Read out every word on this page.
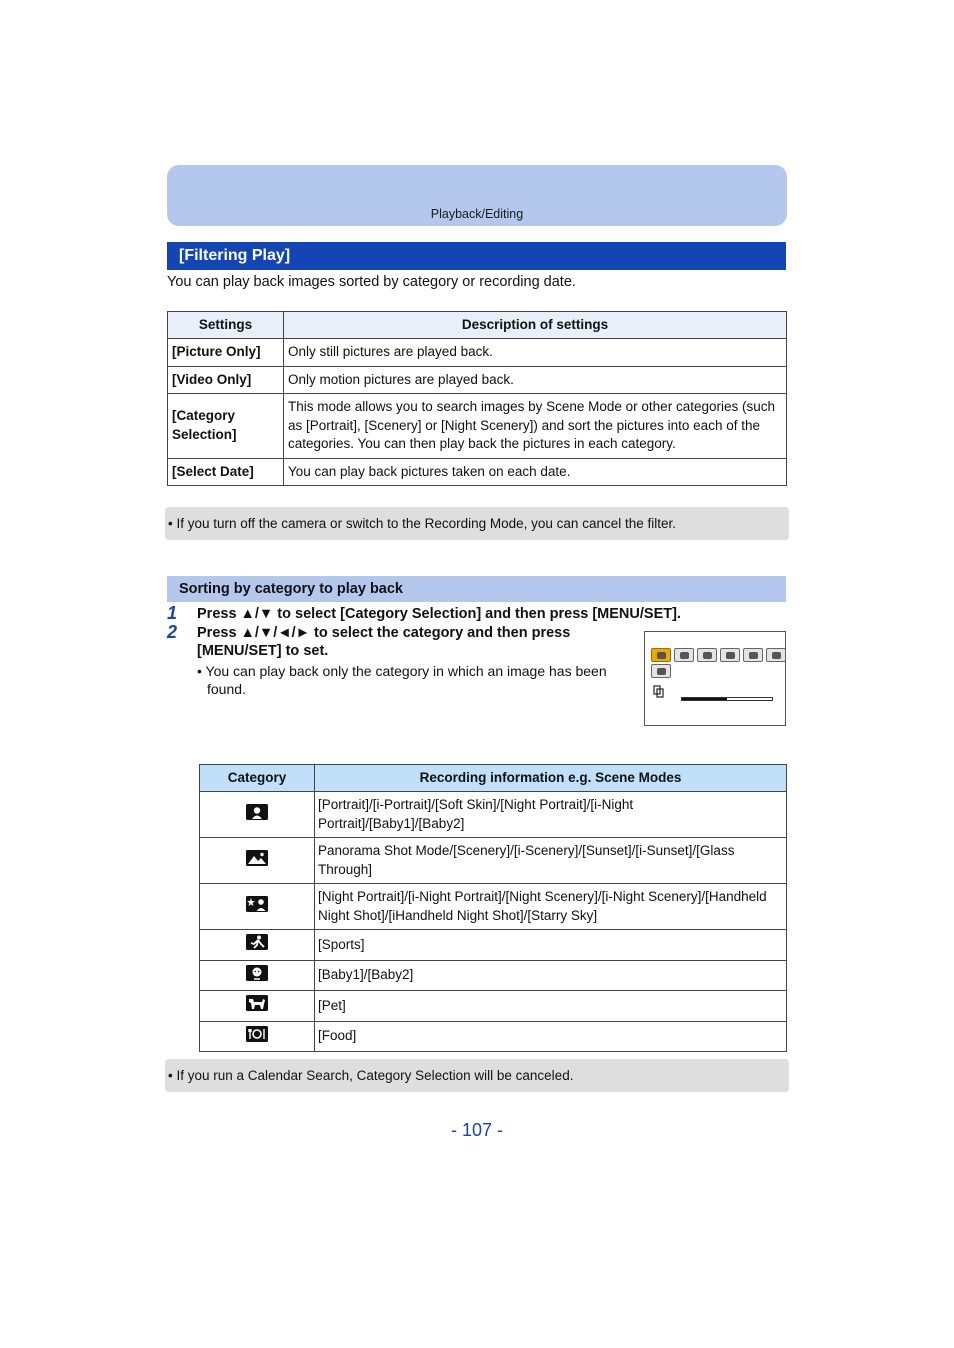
Playback/Editing
[Filtering Play]
You can play back images sorted by category or recording date.
Settings	Description of settings
[Picture Only]	Only still pictures are played back.
[Video Only]	Only motion pictures are played back.
[Category Selection]	This mode allows you to search images by Scene Mode or other categories (such as [Portrait], [Scenery] or [Night Scenery]) and sort the pictures into each of the categories. You can then play back the pictures in each category.
[Select Date]	You can play back pictures taken on each date.
• If you turn off the camera or switch to the Recording Mode, you can cancel the filter.
Sorting by category to play back
1 Press ▲/▼ to select [Category Selection] and then press [MENU/SET].
2 Press ▲/▼/◄/► to select the category and then press
[MENU/SET] to set.
• You can play back only the category in which an image has been found.
Category	Recording information e.g. Scene Modes
	[Portrait]/[i-Portrait]/[Soft Skin]/[Night Portrait]/[i-Night Portrait]/[Baby1]/[Baby2]
	Panorama Shot Mode/[Scenery]/[i-Scenery]/[Sunset]/[i-Sunset]/[Glass Through]
	[Night Portrait]/[i-Night Portrait]/[Night Scenery]/[i-Night Scenery]/[Handheld Night Shot]/[iHandheld Night Shot]/[Starry Sky]
	[Sports]
	[Baby1]/[Baby2]
	[Pet]
	[Food]
• If you run a Calendar Search, Category Selection will be canceled.
- 107 -
